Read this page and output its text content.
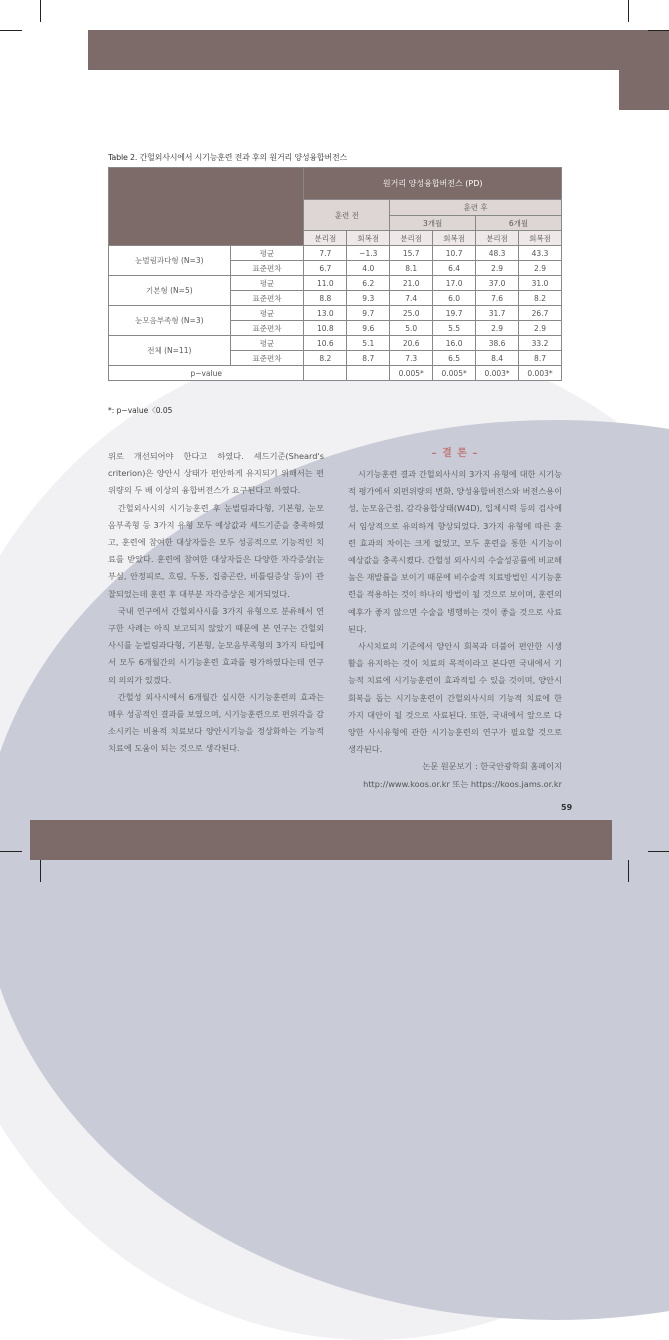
Table 2. 간헐외사시에서 시기능훈련 전과 후의 원거리 양성융합버전스
		원거리 양성융합버전스 (PD)					
		훈련 전		훈련 후			
				3개월		6개월	
		분리점	회복점	분리점	회복점	분리점	회복점
눈벌림과다형 (N=3)	평균	7.7	−1.3	15.7	10.7	48.3	43.3
	표준편차	6.7	4.0	8.1	6.4	2.9	2.9
기본형 (N=5)	평균	11.0	6.2	21.0	17.0	37.0	31.0
	표준편차	8.8	9.3	7.4	6.0	7.6	8.2
눈모음부족형 (N=3)	평균	13.0	9.7	25.0	19.7	31.7	26.7
	표준편차	10.8	9.6	5.0	5.5	2.9	2.9
전체 (N=11)	평균	10.6	5.1	20.6	16.0	38.6	33.2
	표준편차	8.2	8.7	7.3	6.5	8.4	8.7
p−value				0.005*	0.005*	0.003*	0.003*
*: p−value〈0.05

위로 개선되어야 한다고 하였다. 셰드기준(Sheard's criterion)은 양안시 상태가 편안하게 유지되기 위해서는 편위량의 두 배 이상의 융합버전스가 요구된다고 하였다.

간헐외사시의 시기능훈련 후 눈벌림과다형, 기본형, 눈모음부족형 등 3가지 유형 모두 예상값과 셰드기준을 충족하였고, 훈련에 참여한 대상자들은 모두 성공적으로 기능적인 치료를 받았다. 훈련에 참여한 대상자들은 다양한 자각증상(눈부심, 안정피로, 흐림, 두통, 집중곤란, 비틀림증상 등)이 관찰되었는데 훈련 후 대부분 자각증상은 제거되었다.

국내 연구에서 간헐외사시를 3가지 유형으로 분류해서 연구한 사례는 아직 보고되지 않았기 때문에 본 연구는 간헐외사시를 눈벌림과다형, 기본형, 눈모음부족형의 3가지 타입에서 모두 6개월간의 시기능훈련 효과를 평가하였다는데 연구의 의의가 있겠다.

간헐성 외사시에서 6개월간 실시한 시기능훈련의 효과는 매우 성공적인 결과를 보였으며, 시기능훈련으로 편위각을 감소시키는 비용적 치료보다 양안시기능을 정상화하는 기능적 치료에 도움이 되는 것으로 생각된다.

– 결 론 –

시기능훈련 결과 간헐외사시의 3가지 유형에 대한 시기능적 평가에서 외편위량의 변화, 양성융합버전스와 버전스용이성, 눈모음근점, 감각융합상태(W4D), 입체시력 등의 검사에서 임상적으로 유의하게 향상되었다. 3가지 유형에 따른 훈련 효과의 차이는 크게 없었고, 모두 훈련을 통한 시기능이 예상값을 충족시켰다. 간헐성 외사시의 수술성공률에 비교해 높은 재발률을 보이기 때문에 비수술적 치료방법인 시기능훈련을 적용하는 것이 하나의 방법이 될 것으로 보이며, 훈련의 예후가 좋지 않으면 수술을 병행하는 것이 좋을 것으로 사료된다.

사시치료의 기준에서 양안시 회복과 더불어 편안한 시생활을 유지하는 것이 치료의 목적이라고 본다면 국내에서 기능적 치료에 시기능훈련이 효과적일 수 있을 것이며, 양안시 회복을 돕는 시기능훈련이 간헐외사시의 기능적 치료에 한 가지 대안이 될 것으로 사료된다. 또한, 국내에서 앞으로 다양한 사시유형에 관한 시기능훈련의 연구가 필요할 것으로 생각된다.

논문 원문보기 : 한국안광학회 홈페이지

http://www.koos.or.kr 또는 https://koos.jams.or.kr

59
